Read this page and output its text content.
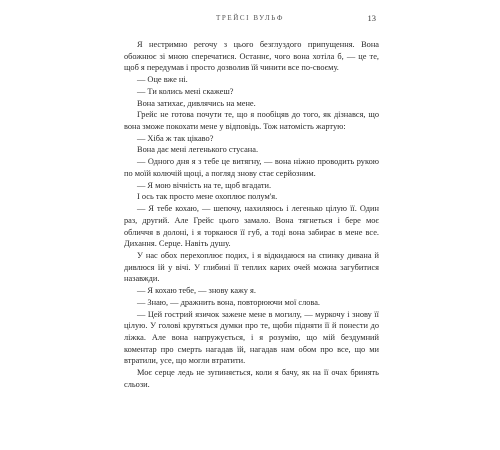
ТРЕЙСІ ВУЛЬФ	13

Я нестримно регочу з цього безглуздого припущення. Вона обожнює зі мною сперечатися. Останнє, чого вона хотіла б, — це те, щоб я передумав і просто дозволив їй чинити все по-своєму.

— Оце вже ні.

— Ти колись мені скажеш?

Вона затихає, дивлячись на мене.

Грейс не готова почути те, що я пообіцяв до того, як дізнався, що вона зможе покохати мене у відповідь. Тож натомість жартую:

— Хіба ж так цікаво?

Вона дає мені легенького стусана.

— Одного дня я з тебе це витягну, — вона ніжно проводить рукою по моїй колючій щоці, а погляд знову стає серйозним.

— Я мою вічність на те, щоб вгадати.

І ось так просто мене охоплює полум'я.

— Я тебе кохаю, — шепочу, нахиляюсь і легенько цілую її. Один раз, другий. Але Грейс цього замало. Вона тягнеться і бере моє обличчя в долоні, і я торкаюся її губ, а тоді вона забирає в мене все. Дихання. Серце. Навіть душу.

У нас обох перехоплює подих, і я відкидаюся на спинку дивана й дивлюся їй у вічі. У глибині її теплих карих очей можна загубитися назавжди.

— Я кохаю тебе, — знову кажу я.

— Знаю, — дражнить вона, повторюючи мої слова.

— Цей гострий язичок зажене мене в могилу, — муркочу і знову її цілую. У голові крутяться думки про те, щоби підняти її й понести до ліжка. Але вона напружується, і я розумію, що мій бездумний коментар про смерть нагадав їй, нагадав нам обом про все, що ми втратили, усе, що могли втратити.

Моє серце ледь не зупиняється, коли я бачу, як на її очах бринять сльози.
